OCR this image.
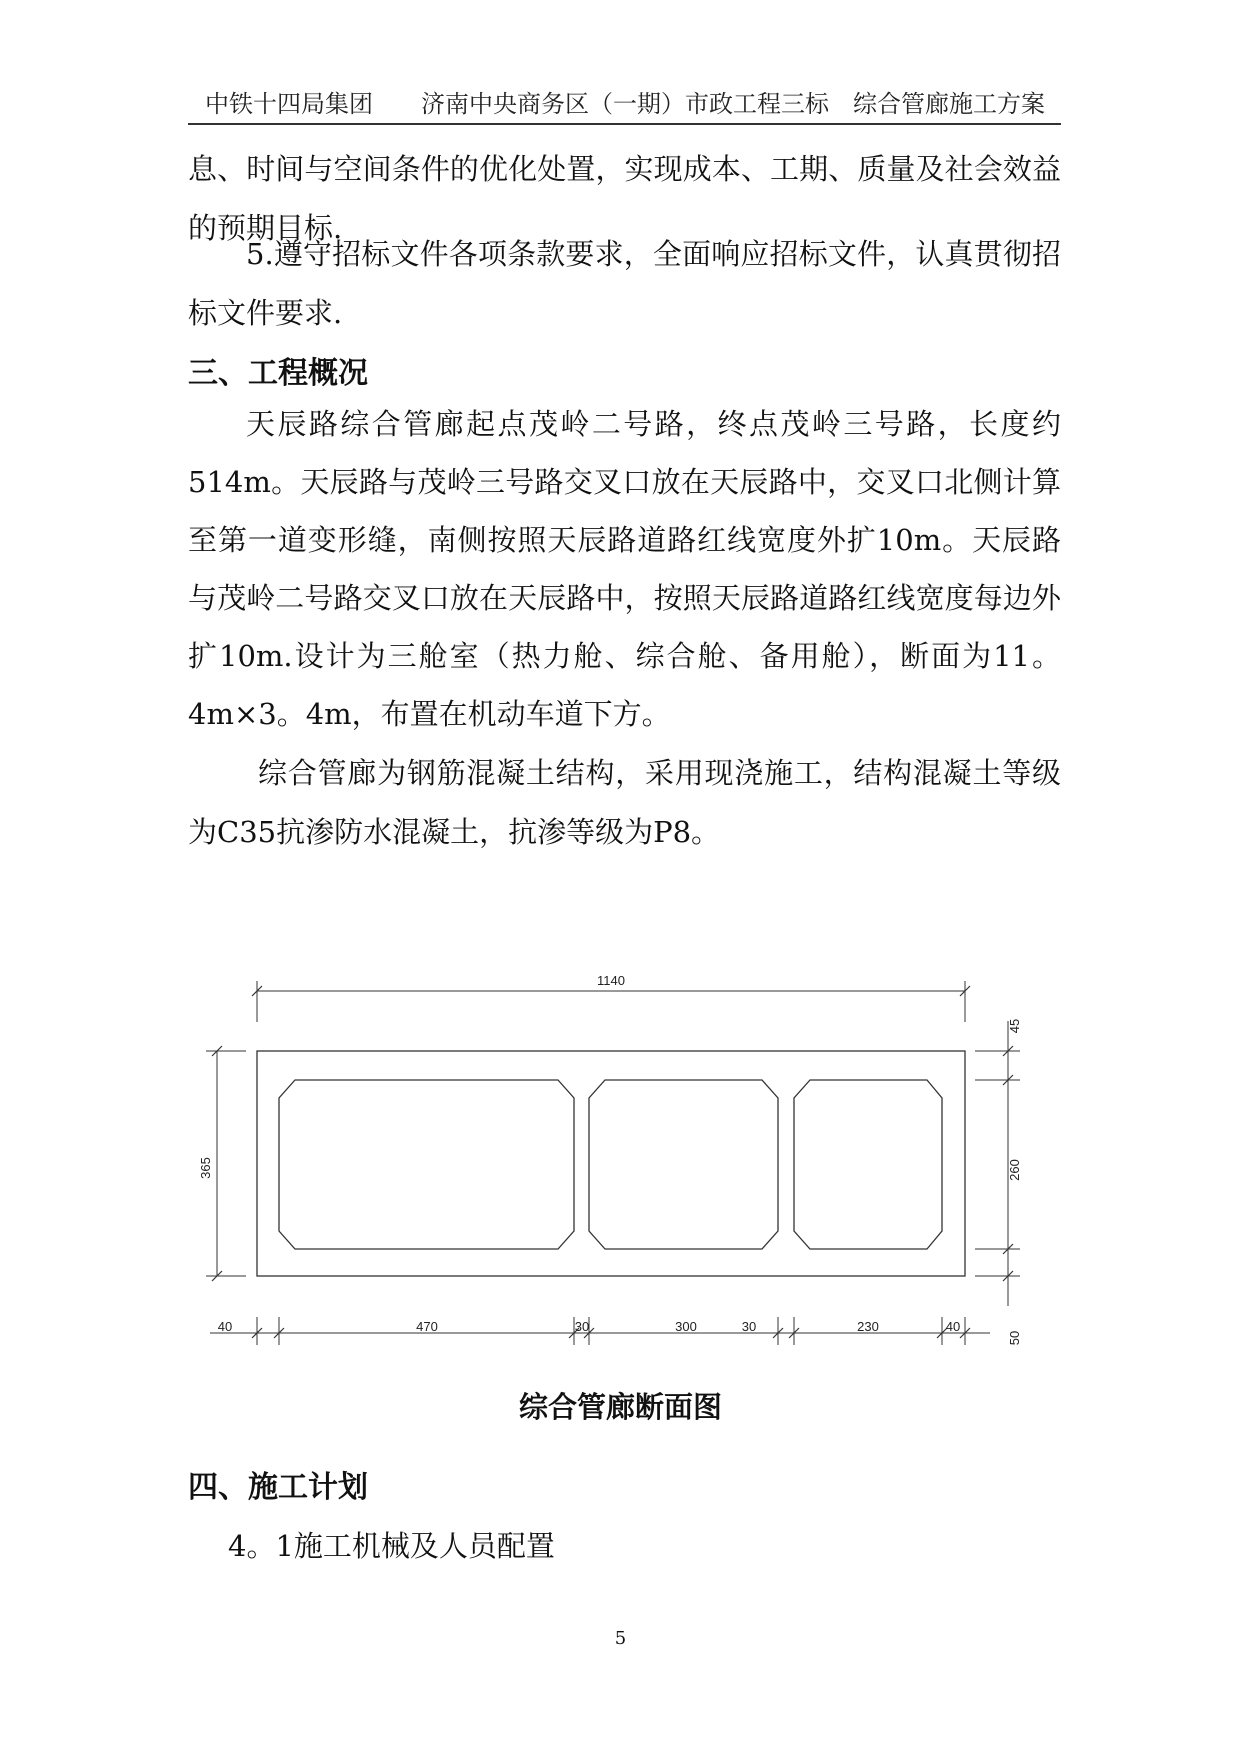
中铁十四局集团 济南中央商务区（一期）市政工程三标　综合管廊施工方案

息、时间与空间条件的优化处置，实现成本、工期、质量及社会效益的预期目标.

5.遵守招标文件各项条款要求，全面响应招标文件，认真贯彻招标文件要求.

三、工程概况

天辰路综合管廊起点茂岭二号路，终点茂岭三号路，长度约514m。天辰路与茂岭三号路交叉口放在天辰路中，交叉口北侧计算至第一道变形缝，南侧按照天辰路道路红线宽度外扩10m。天辰路与茂岭二号路交叉口放在天辰路中，按照天辰路道路红线宽度每边外扩10m.设计为三舱室（热力舱、综合舱、备用舱），断面为11。4m×3。4m，布置在机动车道下方。

综合管廊为钢筋混凝土结构，采用现浇施工，结构混凝土等级为C35抗渗防水混凝土，抗渗等级为P8。

1140
365
45
260
50
40	470	30	300	30	230	40
综合管廊断面图
四、施工计划
4。1施工机械及人员配置
5
